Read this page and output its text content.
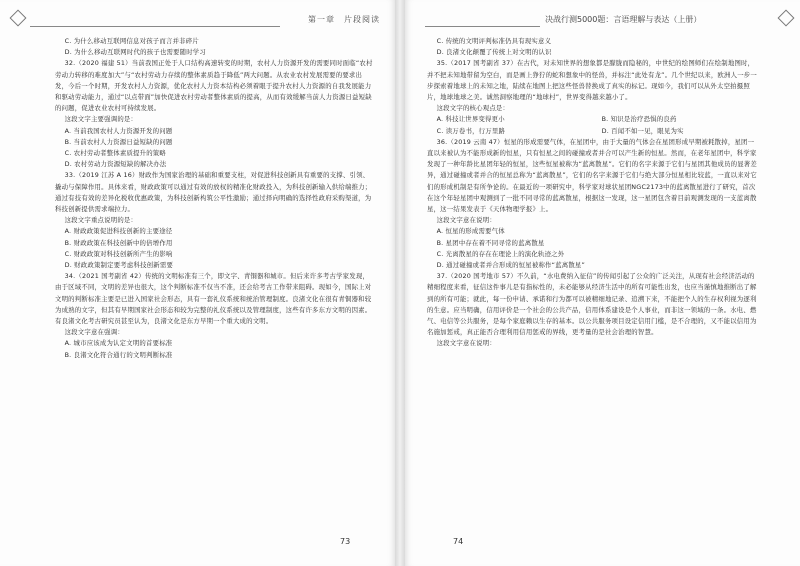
第一章　片段阅读

C. 为什么移动互联网信息对孩子而言并非碎片

D. 为什么移动互联网时代的孩子也需要随时学习

32.（2020 福建 51）当前我国正处于人口结构高速转变的时期，农村人力资源开发的需要同时面临“农村劳动力转移的难度加大”与“农村劳动力存续的整体素质趋于降低”两大问题。从农业农村发展需要的要求出发，今后一个时期，开发农村人力资源，优化农村人力资本结构必须着眼于提升农村人力资源的自我发展能力和驱动劳动能力，通过“以点带面”加快促进农村劳动者整体素质的提高，从而有效缓解当前人力资源日益短缺的问题，促进农业农村可持续发展。

这段文字主要强调的是：

A. 当前我国农村人力资源开发的问题

B. 当前农村人力资源日益短缺的问题

C. 农村劳动者整体素质提升的策略

D. 农村劳动力资源短缺的解决办法

33.（2019 江苏 A 16）财政作为国家治理的基础和重要支柱，对促进科技创新具有重要的支撑、引领、撬动与保障作用。具体来看，财政政策可以通过有效的放权的精准化财政投入，为科技创新输入供给端推力；通过有技有效的差异化税收优惠政策，为科技创新构筑公平性激励；通过择向明确的选择性政府采购渠道，为科技创新提供需求端拉力。

这段文字重点说明的是：

A. 财政政策促进科技创新的主要途径

B. 财政政策在科技创新中的倍增作用

C. 财政政策对科技创新所产生的影响

D. 财政政策制定要考虑科技创新需要

34.（2021 国考副省 42）传统的文明标准有三个，即文字、青铜器和城市。但后来许多考古学家发现，由于区域不同，文明的差异也很大，这个判断标准不仅当不准，还会给考古工作带来阻碍。现如今，国际上对文明的判断标准主要是已进入国家社会形态，具有一套礼仪系统和统治管理制度。良渚文化在很有青铜器和较为成熟的文字，但其有早期国家社会形态和较为完整的礼仪系统以及管理制度，这些有许多东方文明的因素。有良渚文化考古研究员甚至认为，良渚文化是东方早期一个重大成的文明。

这段文字意在强调：

A. 城市应该成为认定文明的首要标准

B. 良渚文化符合通行的文明判断标准

73
决战行测5000题：言语理解与表达（上册）

C. 传统的文明评判标准仍具有现实意义

D. 良渚文化颠覆了传统上对文明的认识

35.（2017 国考副省 37）在古代，对未知世界的想象都是朦胧而隐秘的，中世纪的绘图师们在绘制地图时，并不把未知地带留为空白，而是画上狰狞的蛇和想象中的怪兽，并标注“此处有龙”。几个世纪以来，欧洲人一步一步探索着地球上的未知之地，陆续在地图上把这些怪兽替换成了真实的标记。现如今，我们可以从外太空拍摄照片，地球地球之美。诚然洞察地理的“地球村”，世界变得越来越小了。

这段文字的核心观点是：

A. 科技让世界变得更小	B. 知识是治疗恐惧的良药

C. 读万卷书，行万里路	D. 百闻不如一见，眼见为实

36.（2019 云南 47）恒星的形成需要气体，在星团中，由于大量的气体会在星团形成早期被耗散掉，星团一直以来被认为不能形成新的恒星，只有恒星之间的碰撞或者并合可以产生新的恒星。然而，在老年星团中，科学家发现了一种年龄比星团年轻的恒星，这些恒星被称为“蓝离散星”。它们的名字来源于它们与星团其他成员的显著差异，通过碰撞或者并合的恒星总称为“蓝离散星”，它们的名字来源于它们与绝大部分恒星相比较蓝，一直以来对它们的形成机制是有所争论的。在最近的一项研究中，科学家对球状星团NGC2173中的蓝离散星进行了研究，首次在这个年轻星团中观测到了一批不同寻常的蓝离散星，根据这一发现，这一星团包含着目前观测发现的一支蓝离散星，这一结果发表于《天体物理学报》上。

这段文字意在说明：

A. 恒星的形成需要气体

B. 星团中存在着不同寻常的蓝离散星

C. 光离散星的存在在理论上的演化轨迹之外

D. 通过碰撞或者并合形成的恒星被称作“蓝离散星”

37.（2020 国考地市 57）不久前，“水电费纳入征信”的传闻引起了公众的广泛关注，从现有社会经济活动的精细程度来看，征信这件事儿是有指标性的，未必能够从经济生活中的所有可能性出发，也应当谨慎地推断出了解到的所有可能；就此，每一份申请、承诺和行为都可以被精细地记录、追溯下来，不能把个人的生存权利视为逐利的生意。应当明确，信用评价是一个社会的公共产品，信用体系建设是个人事业，而非这一领域的一条。水电、燃气、电信等公共服务，是每个家庭赖以生存的基本。以公共服务项目设定信用门槛，是不合理的，又不能以信用为名施加惩戒，真正能否合理利用信用惩戒的界线，更考量的是社会治理的智慧。

这段文字意在说明：

74
